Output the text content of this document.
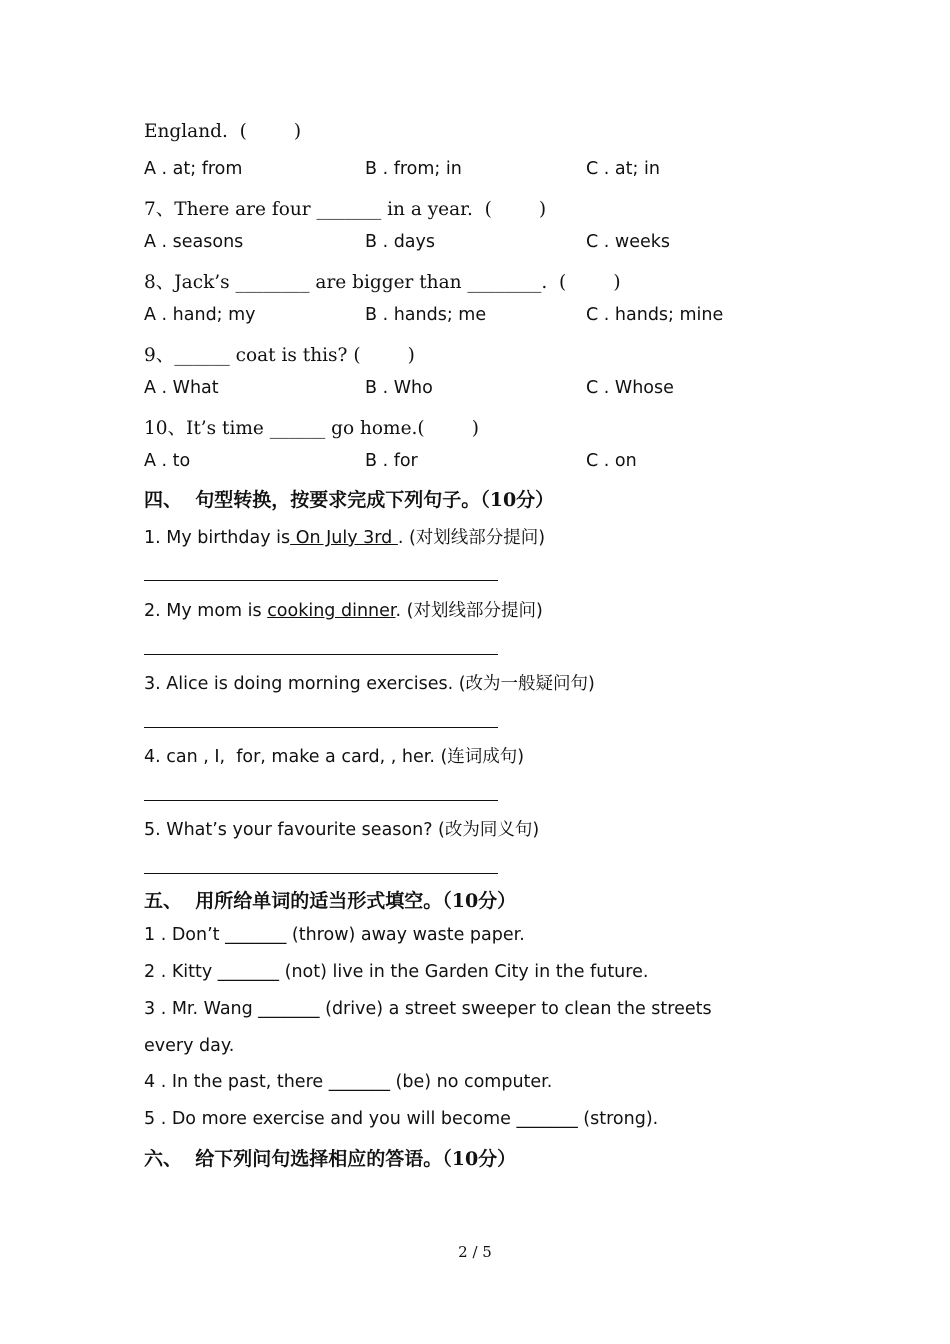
England.  (        )
A . at; from	B . from; in	C . at; in
7、There are four _______ in a year.  (        )
A . seasons	B . days	C . weeks
8、Jack’s ________ are bigger than ________.  (        )
A . hand; my	B . hands; me	C . hands; mine
9、______ coat is this? (        )
A . What	B . Who	C . Whose
10、It’s time ______ go home.(        )
A . to	B . for	C . on
四、  句型转换，按要求完成下列句子。（10分）
1. My birthday is On July 3rd . (对划线部分提问)
2. My mom is cooking dinner. (对划线部分提问)
3. Alice is doing morning exercises. (改为一般疑问句)
4. can , I,  for, make a card, , her. (连词成句)
5. What’s your favourite season? (改为同义句)
五、  用所给单词的适当形式填空。（10分）
1 . Don’t _______ (throw) away waste paper.
2 . Kitty _______ (not) live in the Garden City in the future.
3 . Mr. Wang _______ (drive) a street sweeper to clean the streets
every day.
4 . In the past, there _______ (be) no computer.
5 . Do more exercise and you will become _______ (strong).
六、  给下列问句选择相应的答语。（10分）
2 / 5
